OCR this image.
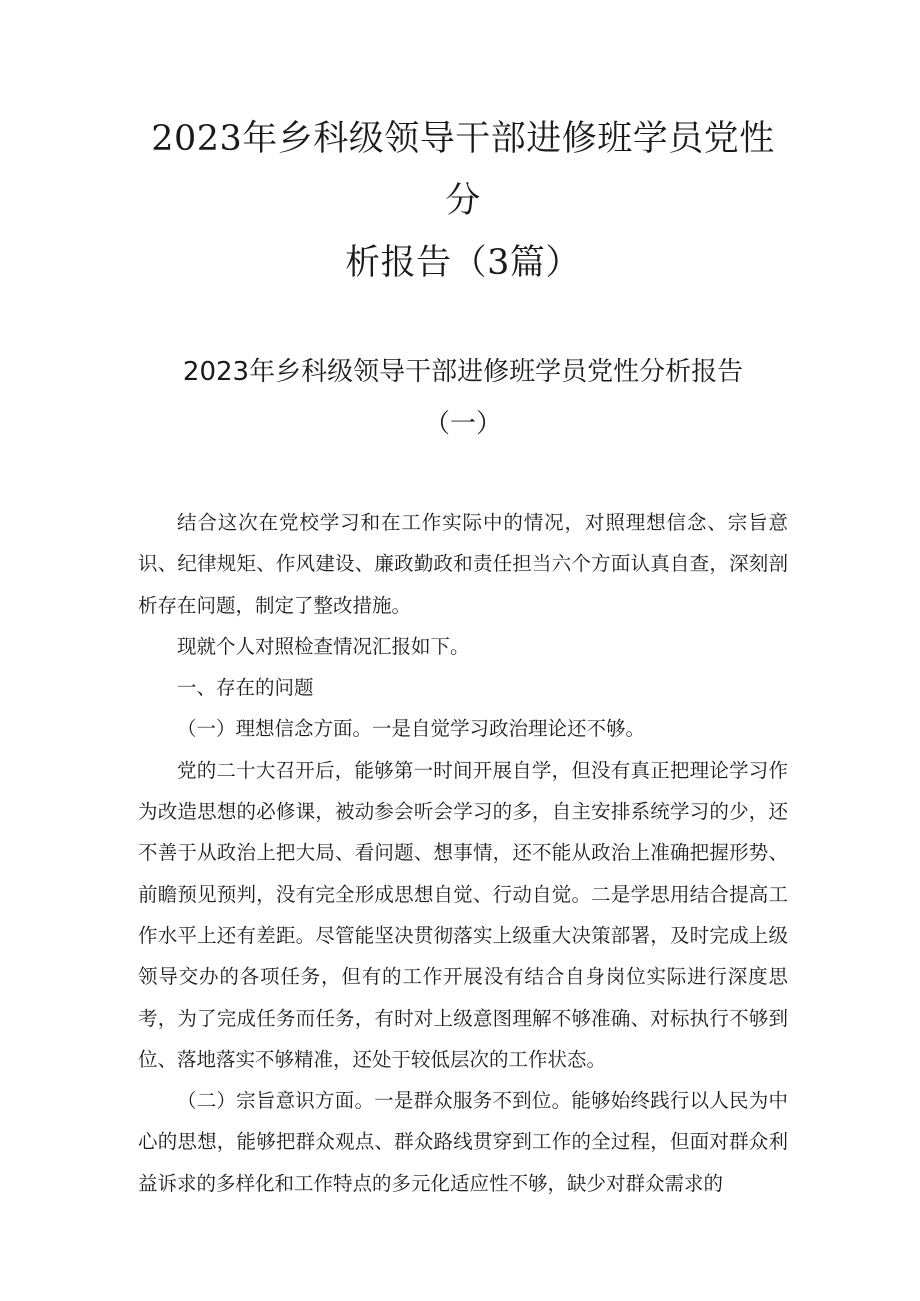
2023年乡科级领导干部进修班学员党性分
析报告（3篇）
2023年乡科级领导干部进修班学员党性分析报告
（一）

结合这次在党校学习和在工作实际中的情况，对照理想信念、宗旨意识、纪律规矩、作风建设、廉政勤政和责任担当六个方面认真自查，深刻剖析存在问题，制定了整改措施。

现就个人对照检查情况汇报如下。

一、存在的问题

（一）理想信念方面。一是自觉学习政治理论还不够。

党的二十大召开后，能够第一时间开展自学，但没有真正把理论学习作为改造思想的必修课，被动参会听会学习的多，自主安排系统学习的少，还不善于从政治上把大局、看问题、想事情，还不能从政治上准确把握形势、前瞻预见预判，没有完全形成思想自觉、行动自觉。二是学思用结合提高工作水平上还有差距。尽管能坚决贯彻落实上级重大决策部署，及时完成上级领导交办的各项任务，但有的工作开展没有结合自身岗位实际进行深度思考，为了完成任务而任务，有时对上级意图理解不够准确、对标执行不够到位、落地落实不够精准，还处于较低层次的工作状态。

（二）宗旨意识方面。一是群众服务不到位。能够始终践行以人民为中心的思想，能够把群众观点、群众路线贯穿到工作的全过程，但面对群众利益诉求的多样化和工作特点的多元化适应性不够，缺少对群众需求的
